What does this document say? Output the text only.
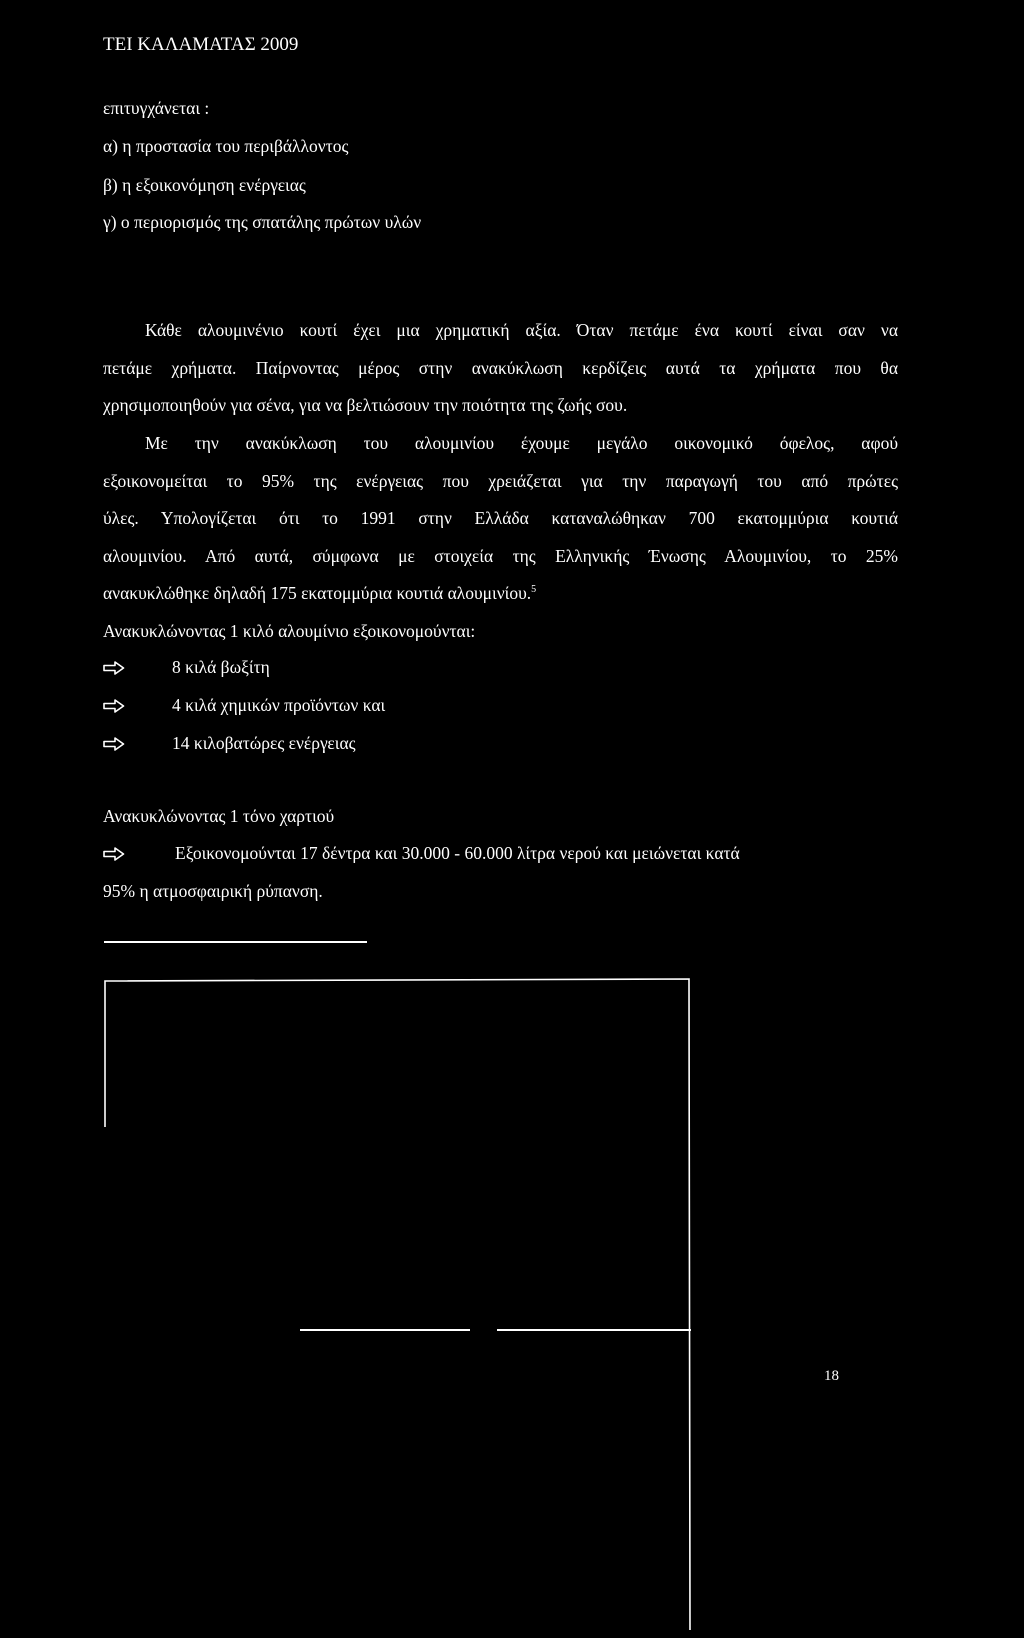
ΤΕΙ ΚΑΛΑΜΑΤΑΣ 2009
επιτυγχάνεται :
α) η προστασία του περιβάλλοντος
β) η εξοικονόμηση ενέργειας
γ) ο περιορισμός της σπατάλης πρώτων υλών
Κάθε αλουμινένιο κουτί έχει μια χρηματική αξία. Όταν πετάμε ένα κουτί είναι σαν να
πετάμε χρήματα. Παίρνοντας μέρος στην ανακύκλωση κερδίζεις αυτά τα χρήματα που θα
χρησιμοποιηθούν για σένα, για να βελτιώσουν την ποιότητα της ζωής σου.
Με την ανακύκλωση του αλουμινίου έχουμε μεγάλο οικονομικό όφελος, αφού
εξοικονομείται το 95% της ενέργειας που χρειάζεται για την παραγωγή του από πρώτες
ύλες. Υπολογίζεται ότι το 1991 στην Ελλάδα καταναλώθηκαν 700 εκατομμύρια κουτιά
αλουμινίου. Από αυτά, σύμφωνα με στοιχεία της Ελληνικής Ένωσης Αλουμινίου, το 25%
ανακυκλώθηκε δηλαδή 175 εκατομμύρια κουτιά αλουμινίου.$^5$
Ανακυκλώνοντας 1 κιλό αλουμίνιο εξοικονομούνται:
8 κιλά βωξίτη
4 κιλά χημικών προϊόντων και
14 κιλοβατώρες ενέργειας
Ανακυκλώνοντας 1 τόνο χαρτιού
Εξοικονομούνται 17 δέντρα και 30.000 - 60.000 λίτρα νερού και μειώνεται κατά
95% η ατμοσφαιρική ρύπανση.
18
